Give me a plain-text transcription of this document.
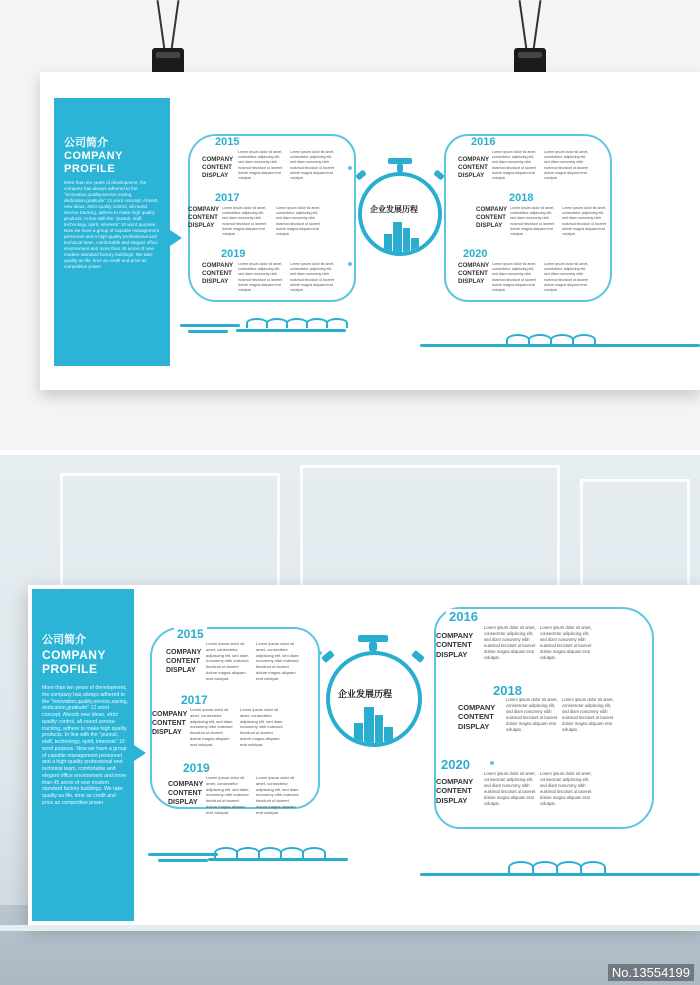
公司简介
COMPANY
PROFILE
More than ten years of development, the company has always adhered to the "innovation,quality,service,saving, dedication,gratitude" 12 word concept. Absorb new ideas, strict quality control, all-round service tracking, adhere to make high quality products. In line with the "pursuit, staff, technology, spirit, interests" 10 word purpose. Now we have a group of capable management personnel and a high-quality professional and technical team, comfortable and elegant office environment and more than 45 acres of new modern standard factory buildings. We take quality as life, time as credit and price as competitive power
2015
COMPANY
CONTENT
DISPLAY
Lorem ipsum dolor sit amet, consectetur adipiscing elit, sed diam nonummy nibh euismod tincidunt ut laoreet dolore magna aliquam erat volutpat.
Lorem ipsum dolor sit amet, consectetur adipiscing elit, sed diam nonummy nibh euismod tincidunt ut laoreet dolore magna aliquam erat volutpat.
2017
COMPANY
CONTENT
DISPLAY
Lorem ipsum dolor sit amet, consectetur adipiscing elit, sed diam nonummy nibh euismod tincidunt ut laoreet dolore magna aliquam erat volutpat.
Lorem ipsum dolor sit amet, consectetur adipiscing elit, sed diam nonummy nibh euismod tincidunt ut laoreet dolore magna aliquam erat volutpat.
2019
COMPANY
CONTENT
DISPLAY
Lorem ipsum dolor sit amet, consectetur adipiscing elit, sed diam nonummy nibh euismod tincidunt ut laoreet dolore magna aliquam erat volutpat.
Lorem ipsum dolor sit amet, consectetur adipiscing elit, sed diam nonummy nibh euismod tincidunt ut laoreet dolore magna aliquam erat volutpat.
2016
COMPANY
CONTENT
DISPLAY
Lorem ipsum dolor sit amet, consectetur adipiscing elit, sed diam nonummy nibh euismod tincidunt ut laoreet dolore magna aliquam erat volutpat.
Lorem ipsum dolor sit amet, consectetur adipiscing elit, sed diam nonummy nibh euismod tincidunt ut laoreet dolore magna aliquam erat volutpat.
2018
COMPANY
CONTENT
DISPLAY
Lorem ipsum dolor sit amet, consectetur adipiscing elit, sed diam nonummy nibh euismod tincidunt ut laoreet dolore magna aliquam erat volutpat.
Lorem ipsum dolor sit amet, consectetur adipiscing elit, sed diam nonummy nibh euismod tincidunt ut laoreet dolore magna aliquam erat volutpat.
2020
COMPANY
CONTENT
DISPLAY
Lorem ipsum dolor sit amet, consectetur adipiscing elit, sed diam nonummy nibh euismod tincidunt ut laoreet dolore magna aliquam erat volutpat.
Lorem ipsum dolor sit amet, consectetur adipiscing elit, sed diam nonummy nibh euismod tincidunt ut laoreet dolore magna aliquam erat volutpat.
企业发展历程
公司简介
COMPANY
PROFILE
More than ten years of development, the company has always adhered to the "innovation,quality,service,saving, dedication,gratitude" 12 word concept. Absorb new ideas, strict quality control, all-round service tracking, adhere to make high quality products. In line with the "pursuit, staff, technology, spirit, interests" 10 word purpose. Now we have a group of capable management personnel and a high-quality professional and technical team, comfortable and elegant office environment and more than 45 acres of new modern standard factory buildings. We take quality as life, time as credit and price as competitive power
2015
COMPANY
CONTENT
DISPLAY
Lorem ipsum dolor sit amet, consectetur adipiscing elit, sed diam nonummy nibh euismod tincidunt ut laoreet dolore magna aliquam erat volutpat.
Lorem ipsum dolor sit amet, consectetur adipiscing elit, sed diam nonummy nibh euismod tincidunt ut laoreet dolore magna aliquam erat volutpat.
2017
COMPANY
CONTENT
DISPLAY
Lorem ipsum dolor sit amet, consectetur adipiscing elit, sed diam nonummy nibh euismod tincidunt ut laoreet dolore magna aliquam erat volutpat.
Lorem ipsum dolor sit amet, consectetur adipiscing elit, sed diam nonummy nibh euismod tincidunt ut laoreet dolore magna aliquam erat volutpat.
2019
COMPANY
CONTENT
DISPLAY
Lorem ipsum dolor sit amet, consectetur adipiscing elit, sed diam nonummy nibh euismod tincidunt ut laoreet dolore magna aliquam erat volutpat.
Lorem ipsum dolor sit amet, consectetur adipiscing elit, sed diam nonummy nibh euismod tincidunt ut laoreet dolore magna aliquam erat volutpat.
2016
COMPANY
CONTENT
DISPLAY
Lorem ipsum dolor sit amet, consectetur adipiscing elit, sed diam nonummy nibh euismod tincidunt ut laoreet dolore magna aliquam erat volutpat.
Lorem ipsum dolor sit amet, consectetur adipiscing elit, sed diam nonummy nibh euismod tincidunt ut laoreet dolore magna aliquam erat volutpat.
2018
COMPANY
CONTENT
DISPLAY
Lorem ipsum dolor sit amet, consectetur adipiscing elit, sed diam nonummy nibh euismod tincidunt ut laoreet dolore magna aliquam erat volutpat.
Lorem ipsum dolor sit amet, consectetur adipiscing elit, sed diam nonummy nibh euismod tincidunt ut laoreet dolore magna aliquam erat volutpat.
2020
COMPANY
CONTENT
DISPLAY
Lorem ipsum dolor sit amet, consectetur adipiscing elit, sed diam nonummy nibh euismod tincidunt ut laoreet dolore magna aliquam erat volutpat.
Lorem ipsum dolor sit amet, consectetur adipiscing elit, sed diam nonummy nibh euismod tincidunt ut laoreet dolore magna aliquam erat volutpat.
企业发展历程
No.13554199
